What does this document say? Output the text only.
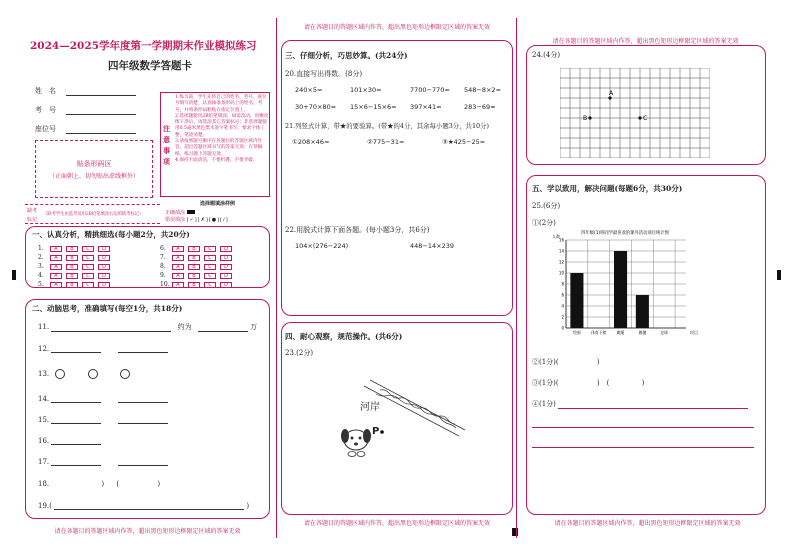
2024—2025学年度第一学期期末作业模拟练习
四年级数学答题卡
姓　名
考　号
座位号
贴条形码区
（正面朝上，切勿贴出虚线框外）
注意事项
1.练习前，学生先将自己的姓名、考号、座位号填写清楚，认真核准条形码上的姓名、考号，并将条形码粘贴在指定位置上。
2.选择题使用2B铅笔填涂，如需改动，用橡皮擦干净后，再选涂其它答案标号；非选择题使用0.5毫米黑色墨水签字笔书写，要求字体工整，笔迹清楚。
3.请按照题号顺序在各题目的答题区域内作答，超出答题区域书写的答案无效；在草稿纸、练习题上答题无效。
4.保持卡面清洁，不要折叠，不要弄破。
缺考
标记
（缺考学生由监考员用2B铅笔填涂右边的缺考标记）
选择题填涂样例
正确填涂
错误填涂 [✓][✗][●][/]
一、认真分析，精挑细选(每小题2分，共20分)
1. A	B	C D
2. A	B	C D
3. A	B	C D
4. A	B	C D
5. A	B	C D
6. A	B	C D
7. A	B	C D
8. A	B	C D
9. A	B	C D
10. A	B	C D
二、动脑思考，准确填写(每空1分，共18分)
11.	约为	万
12.
13.
14.
15.
16.
17.
18.	) (	)
19.(	)
请在各题目的答题区域内作答，超出黑色矩形边框限定区域的答案无效
请在各题目的答题区域内作答，超出黑色矩形边框限定区域的答案无效
三、仔细分析，巧思妙算。(共24分)
20.直接写出得数。(8分)
240×5=	101×30=	7700−770= 548−8×2=
30+70×80= 15×6−15×6= 397×41≈	283−69≈
21.列竖式计算，带★的要验算。(带★的4分，其余每小题3分，共10分)
①208×46=	②775−31=	③★425−25=
22.用脱式计算下面各题。(每小题3分，共6分)
104×(276−224)	448−14×239
四、耐心观察，规范操作。(共6分)
23.(2分)
河岸
P
请在各题目的答题区域内作答，超出黑色矩形边框限定区域的答案无效
请在各题目的答题区域内作答，超出黑色矩形边框限定区域的答案无效
24.(4分)
A
B	C
五、学以致用，解决问题(每题6分，共30分)
25.(6分)
①(2分)
四年级(1)班同学最喜欢的课外活动项目统计图
人数
0
2
4
6
8
10
12
14
16
绘画	体育下棋	跳绳	踢毽	足球	项目
②(1分)(	)
③(1分)(	)　(	)
④(1分)
请在各题目的答题区域内作答，超出黑色矩形边框限定区域的答案无效
